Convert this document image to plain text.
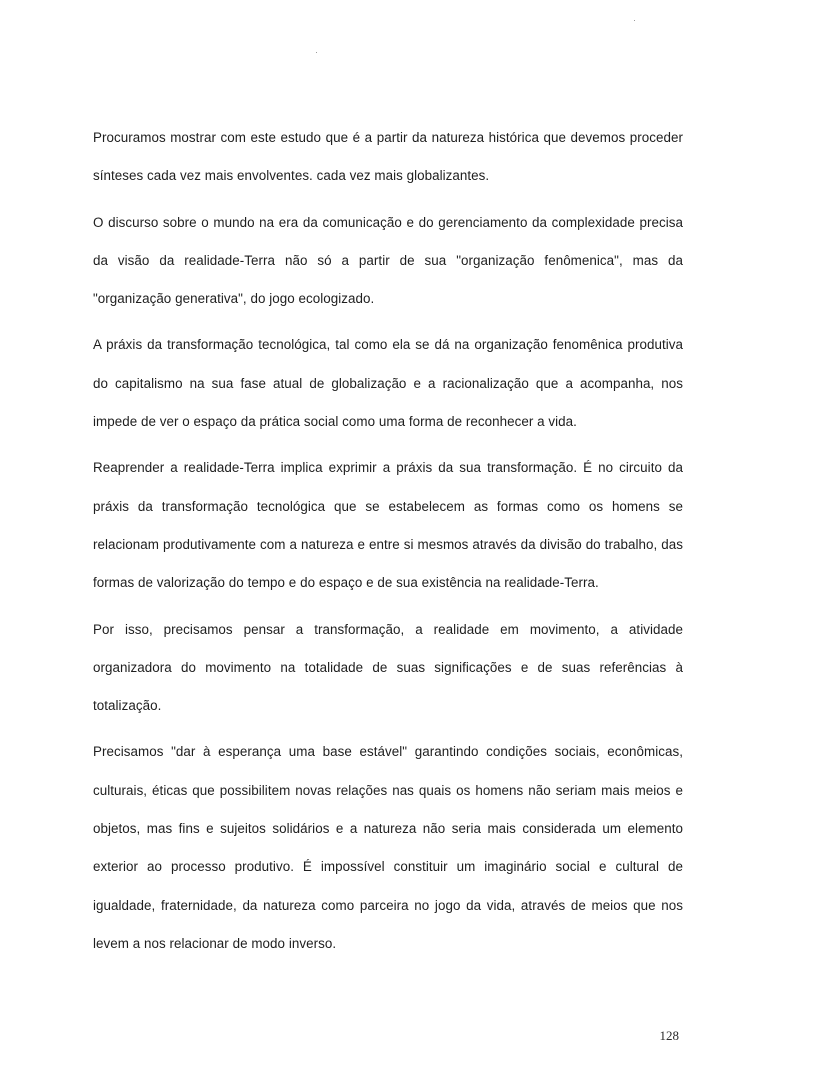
Procuramos mostrar com este estudo que é a partir da natureza histórica que devemos proceder sínteses cada vez mais envolventes. cada vez mais globalizantes.

O discurso sobre o mundo na era da comunicação e do gerenciamento da complexidade precisa da visão da realidade-Terra não só a partir de sua "organização fenômenica", mas da "organização generativa", do jogo ecologizado.

A práxis da transformação tecnológica, tal como ela se dá na organização fenomênica produtiva do capitalismo na sua fase atual de globalização e a racionalização que a acompanha, nos impede de ver o espaço da prática social como uma forma de reconhecer a vida.

Reaprender a realidade-Terra implica exprimir a práxis da sua transformação. É no circuito da práxis da transformação tecnológica que se estabelecem as formas como os homens se relacionam produtivamente com a natureza e entre si mesmos através da divisão do trabalho, das formas de valorização do tempo e do espaço e de sua existência na realidade-Terra.

Por isso, precisamos pensar a transformação, a realidade em movimento, a atividade organizadora do movimento na totalidade de suas significações e de suas referências à totalização.

Precisamos "dar à esperança uma base estável" garantindo condições sociais, econômicas, culturais, éticas que possibilitem novas relações nas quais os homens não seriam mais meios e objetos, mas fins e sujeitos solidários e a natureza não seria mais considerada um elemento exterior ao processo produtivo. É impossível constituir um imaginário social e cultural de igualdade, fraternidade, da natureza como parceira no jogo da vida, através de meios que nos levem a nos relacionar de modo inverso.

128
